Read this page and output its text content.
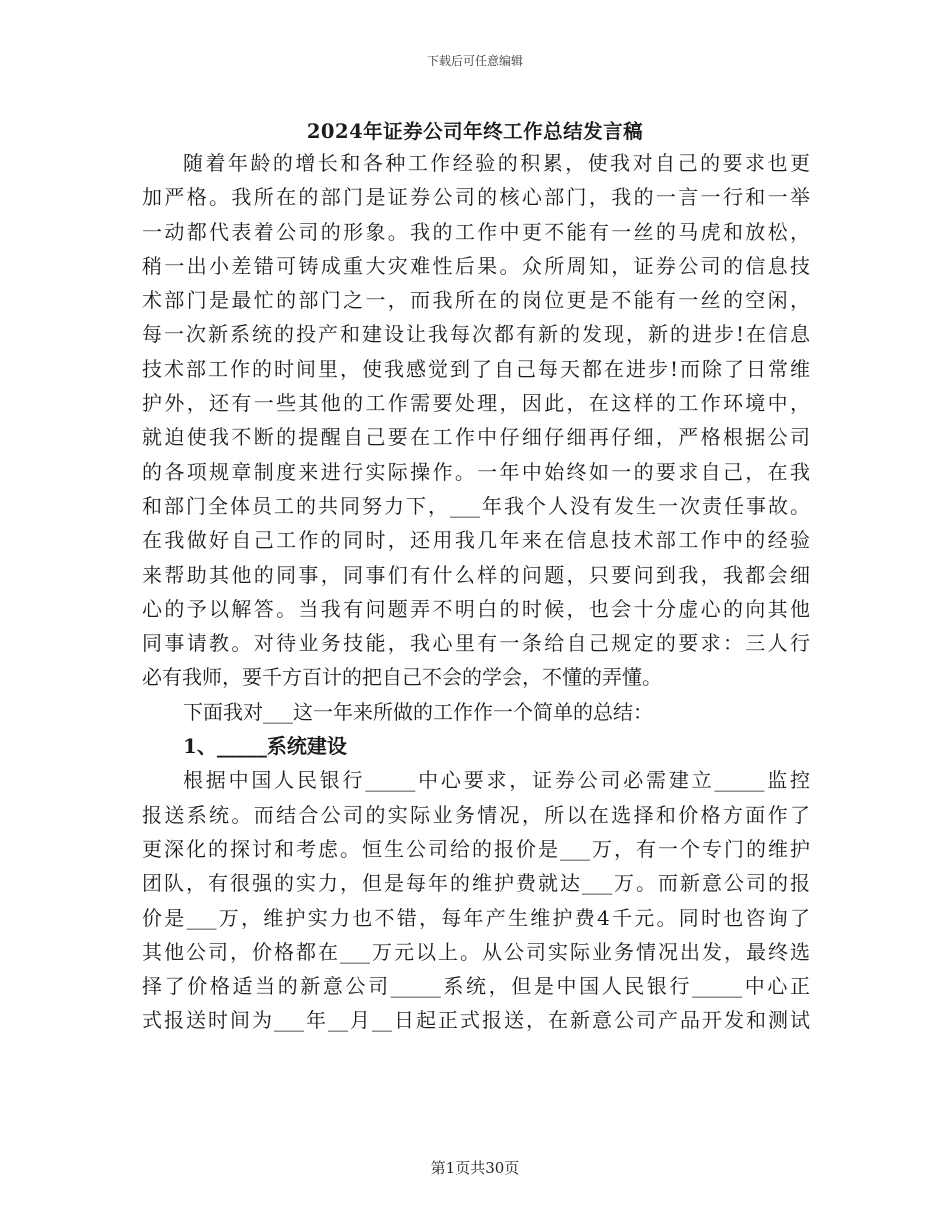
下载后可任意编辑
2024年证券公司年终工作总结发言稿
随着年龄的增长和各种工作经验的积累，使我对自己的要求也更
加严格。我所在的部门是证券公司的核心部门，我的一言一行和一举
一动都代表着公司的形象。我的工作中更不能有一丝的马虎和放松，
稍一出小差错可铸成重大灾难性后果。众所周知，证券公司的信息技
术部门是最忙的部门之一，而我所在的岗位更是不能有一丝的空闲，
每一次新系统的投产和建设让我每次都有新的发现，新的进步!在信息
技术部工作的时间里，使我感觉到了自己每天都在进步!而除了日常维
护外，还有一些其他的工作需要处理，因此，在这样的工作环境中，
就迫使我不断的提醒自己要在工作中仔细仔细再仔细，严格根据公司
的各项规章制度来进行实际操作。一年中始终如一的要求自己，在我
和部门全体员工的共同努力下，___年我个人没有发生一次责任事故。
在我做好自己工作的同时，还用我几年来在信息技术部工作中的经验
来帮助其他的同事，同事们有什么样的问题，只要问到我，我都会细
心的予以解答。当我有问题弄不明白的时候，也会十分虚心的向其他
同事请教。对待业务技能，我心里有一条给自己规定的要求：三人行
必有我师，要千方百计的把自己不会的学会，不懂的弄懂。
下面我对___这一年来所做的工作作一个简单的总结：
1、_____系统建设
根据中国人民银行_____中心要求，证券公司必需建立_____监控
报送系统。而结合公司的实际业务情况，所以在选择和价格方面作了
更深化的探讨和考虑。恒生公司给的报价是___万，有一个专门的维护
团队，有很强的实力，但是每年的维护费就达___万。而新意公司的报
价是___万，维护实力也不错，每年产生维护费4千元。同时也咨询了
其他公司，价格都在___万元以上。从公司实际业务情况出发，最终选
择了价格适当的新意公司_____系统，但是中国人民银行_____中心正
式报送时间为___年__月__日起正式报送，在新意公司产品开发和测试
第1页共30页
